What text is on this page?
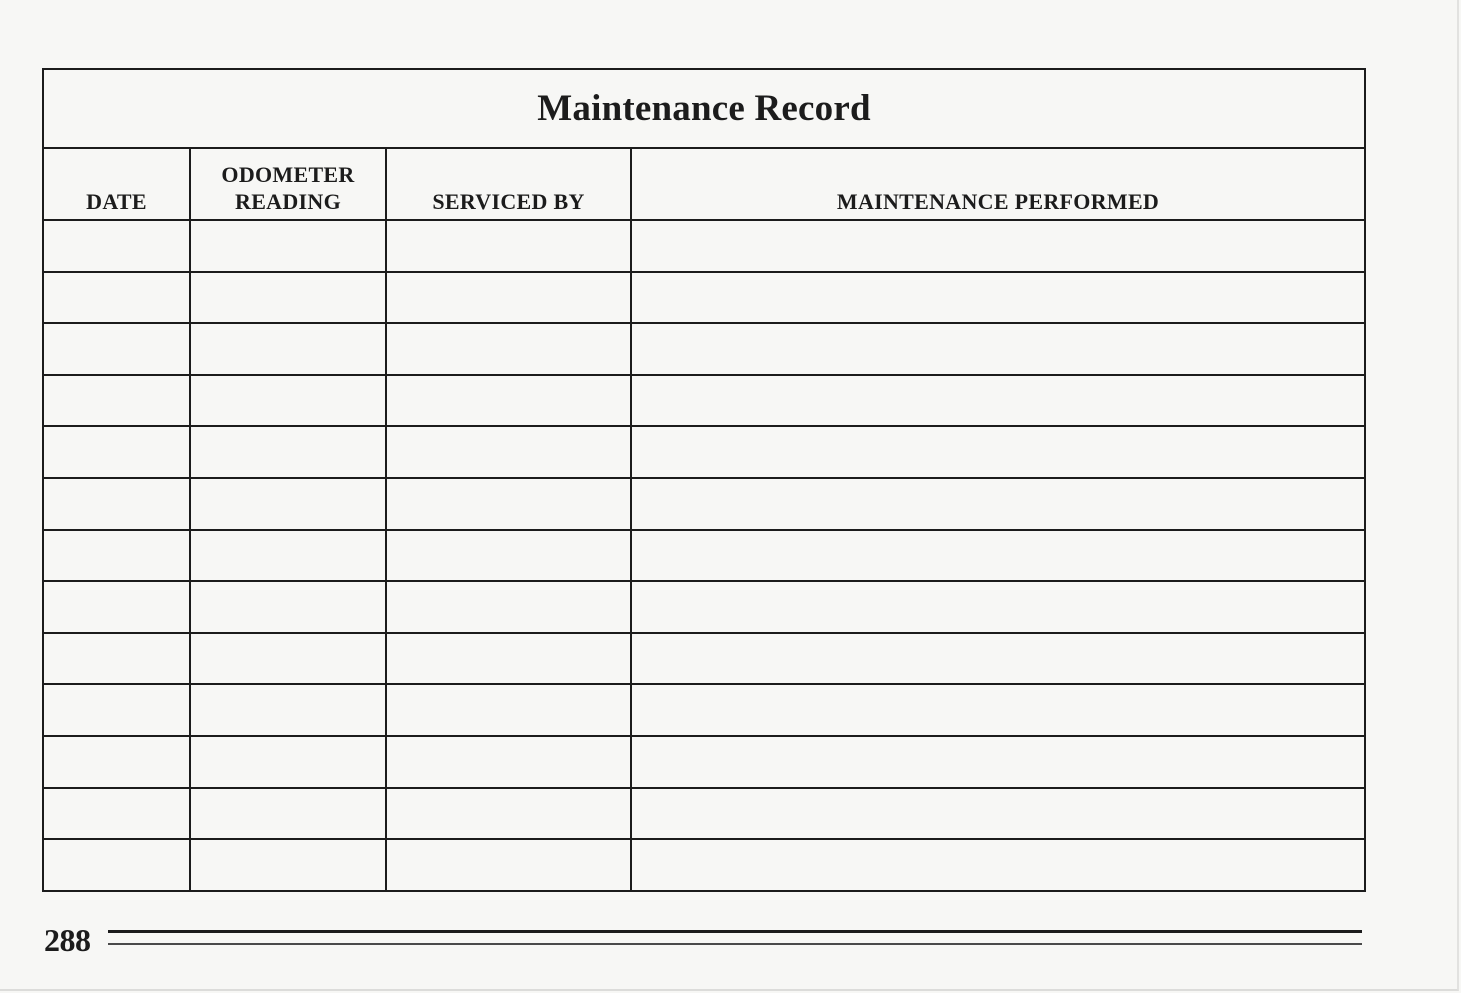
Maintenance Record			
DATE	ODOMETER READING	SERVICED BY	MAINTENANCE PERFORMED

288
